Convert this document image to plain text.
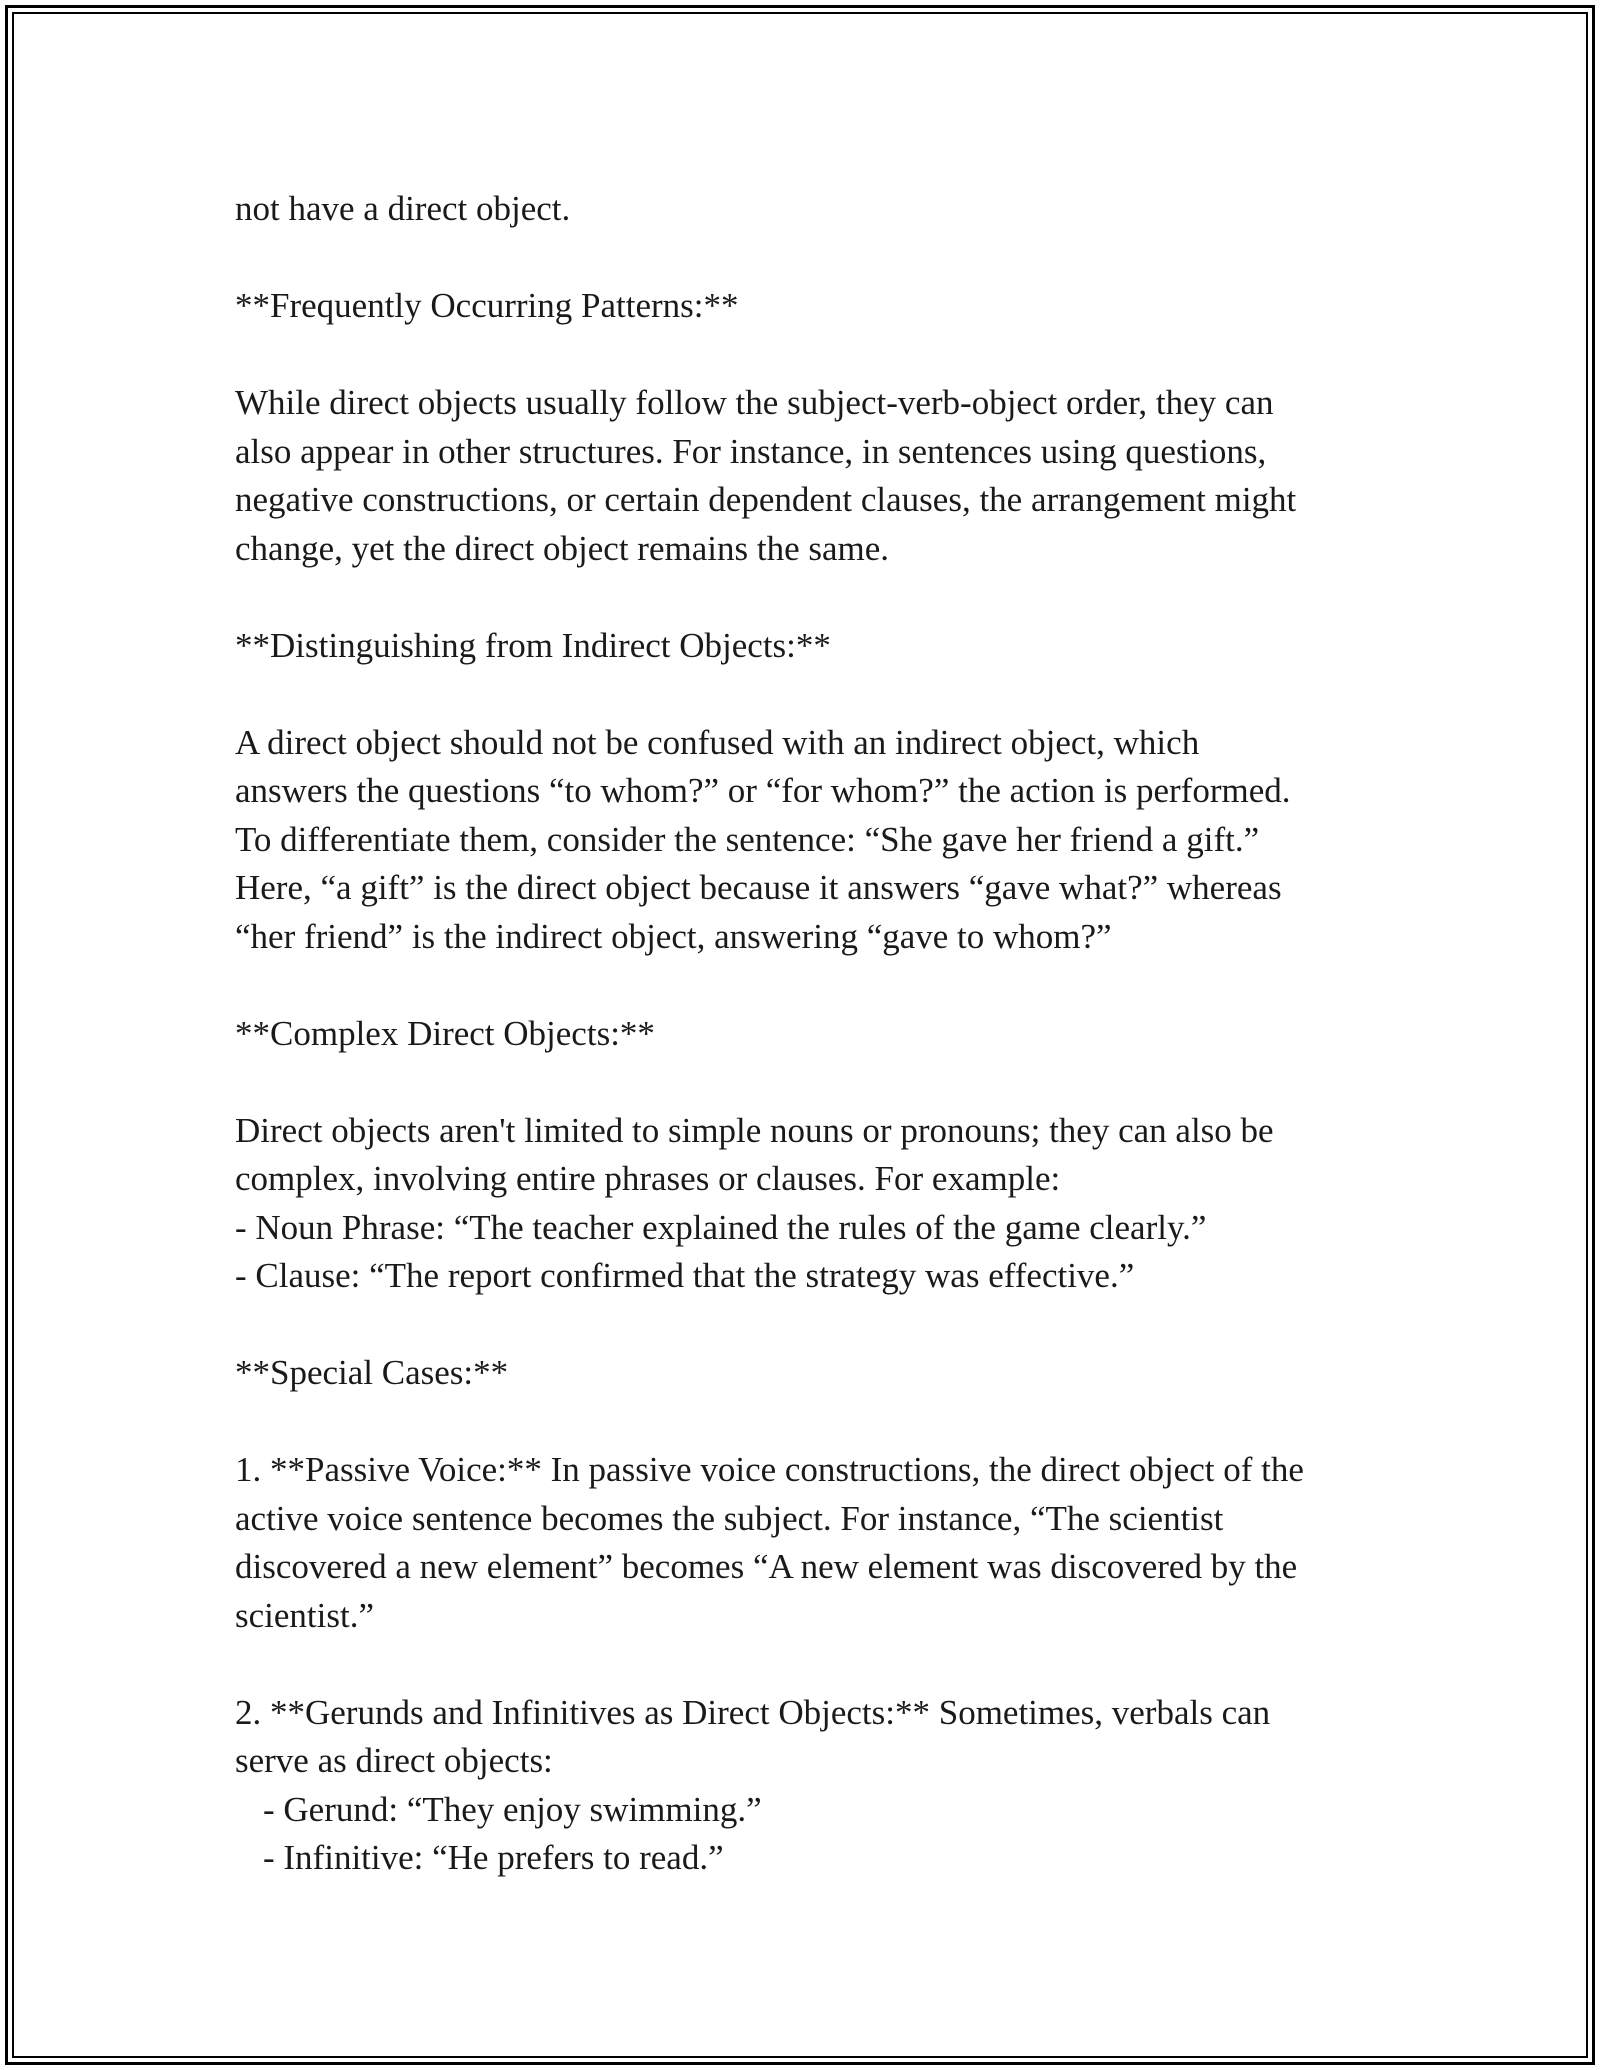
not have a direct object.

**Frequently Occurring Patterns:**

While direct objects usually follow the subject-verb-object order, they can

also appear in other structures. For instance, in sentences using questions,

negative constructions, or certain dependent clauses, the arrangement might

change, yet the direct object remains the same.

**Distinguishing from Indirect Objects:**

A direct object should not be confused with an indirect object, which

answers the questions “to whom?” or “for whom?” the action is performed.

To differentiate them, consider the sentence: “She gave her friend a gift.”

Here, “a gift” is the direct object because it answers “gave what?” whereas

“her friend” is the indirect object, answering “gave to whom?”

**Complex Direct Objects:**

Direct objects aren't limited to simple nouns or pronouns; they can also be

complex, involving entire phrases or clauses. For example:

- Noun Phrase: “The teacher explained the rules of the game clearly.”

- Clause: “The report confirmed that the strategy was effective.”

**Special Cases:**

1. **Passive Voice:** In passive voice constructions, the direct object of the

active voice sentence becomes the subject. For instance, “The scientist

discovered a new element” becomes “A new element was discovered by the

scientist.”

2. **Gerunds and Infinitives as Direct Objects:** Sometimes, verbals can

serve as direct objects:

- Gerund: “They enjoy swimming.”

- Infinitive: “He prefers to read.”
